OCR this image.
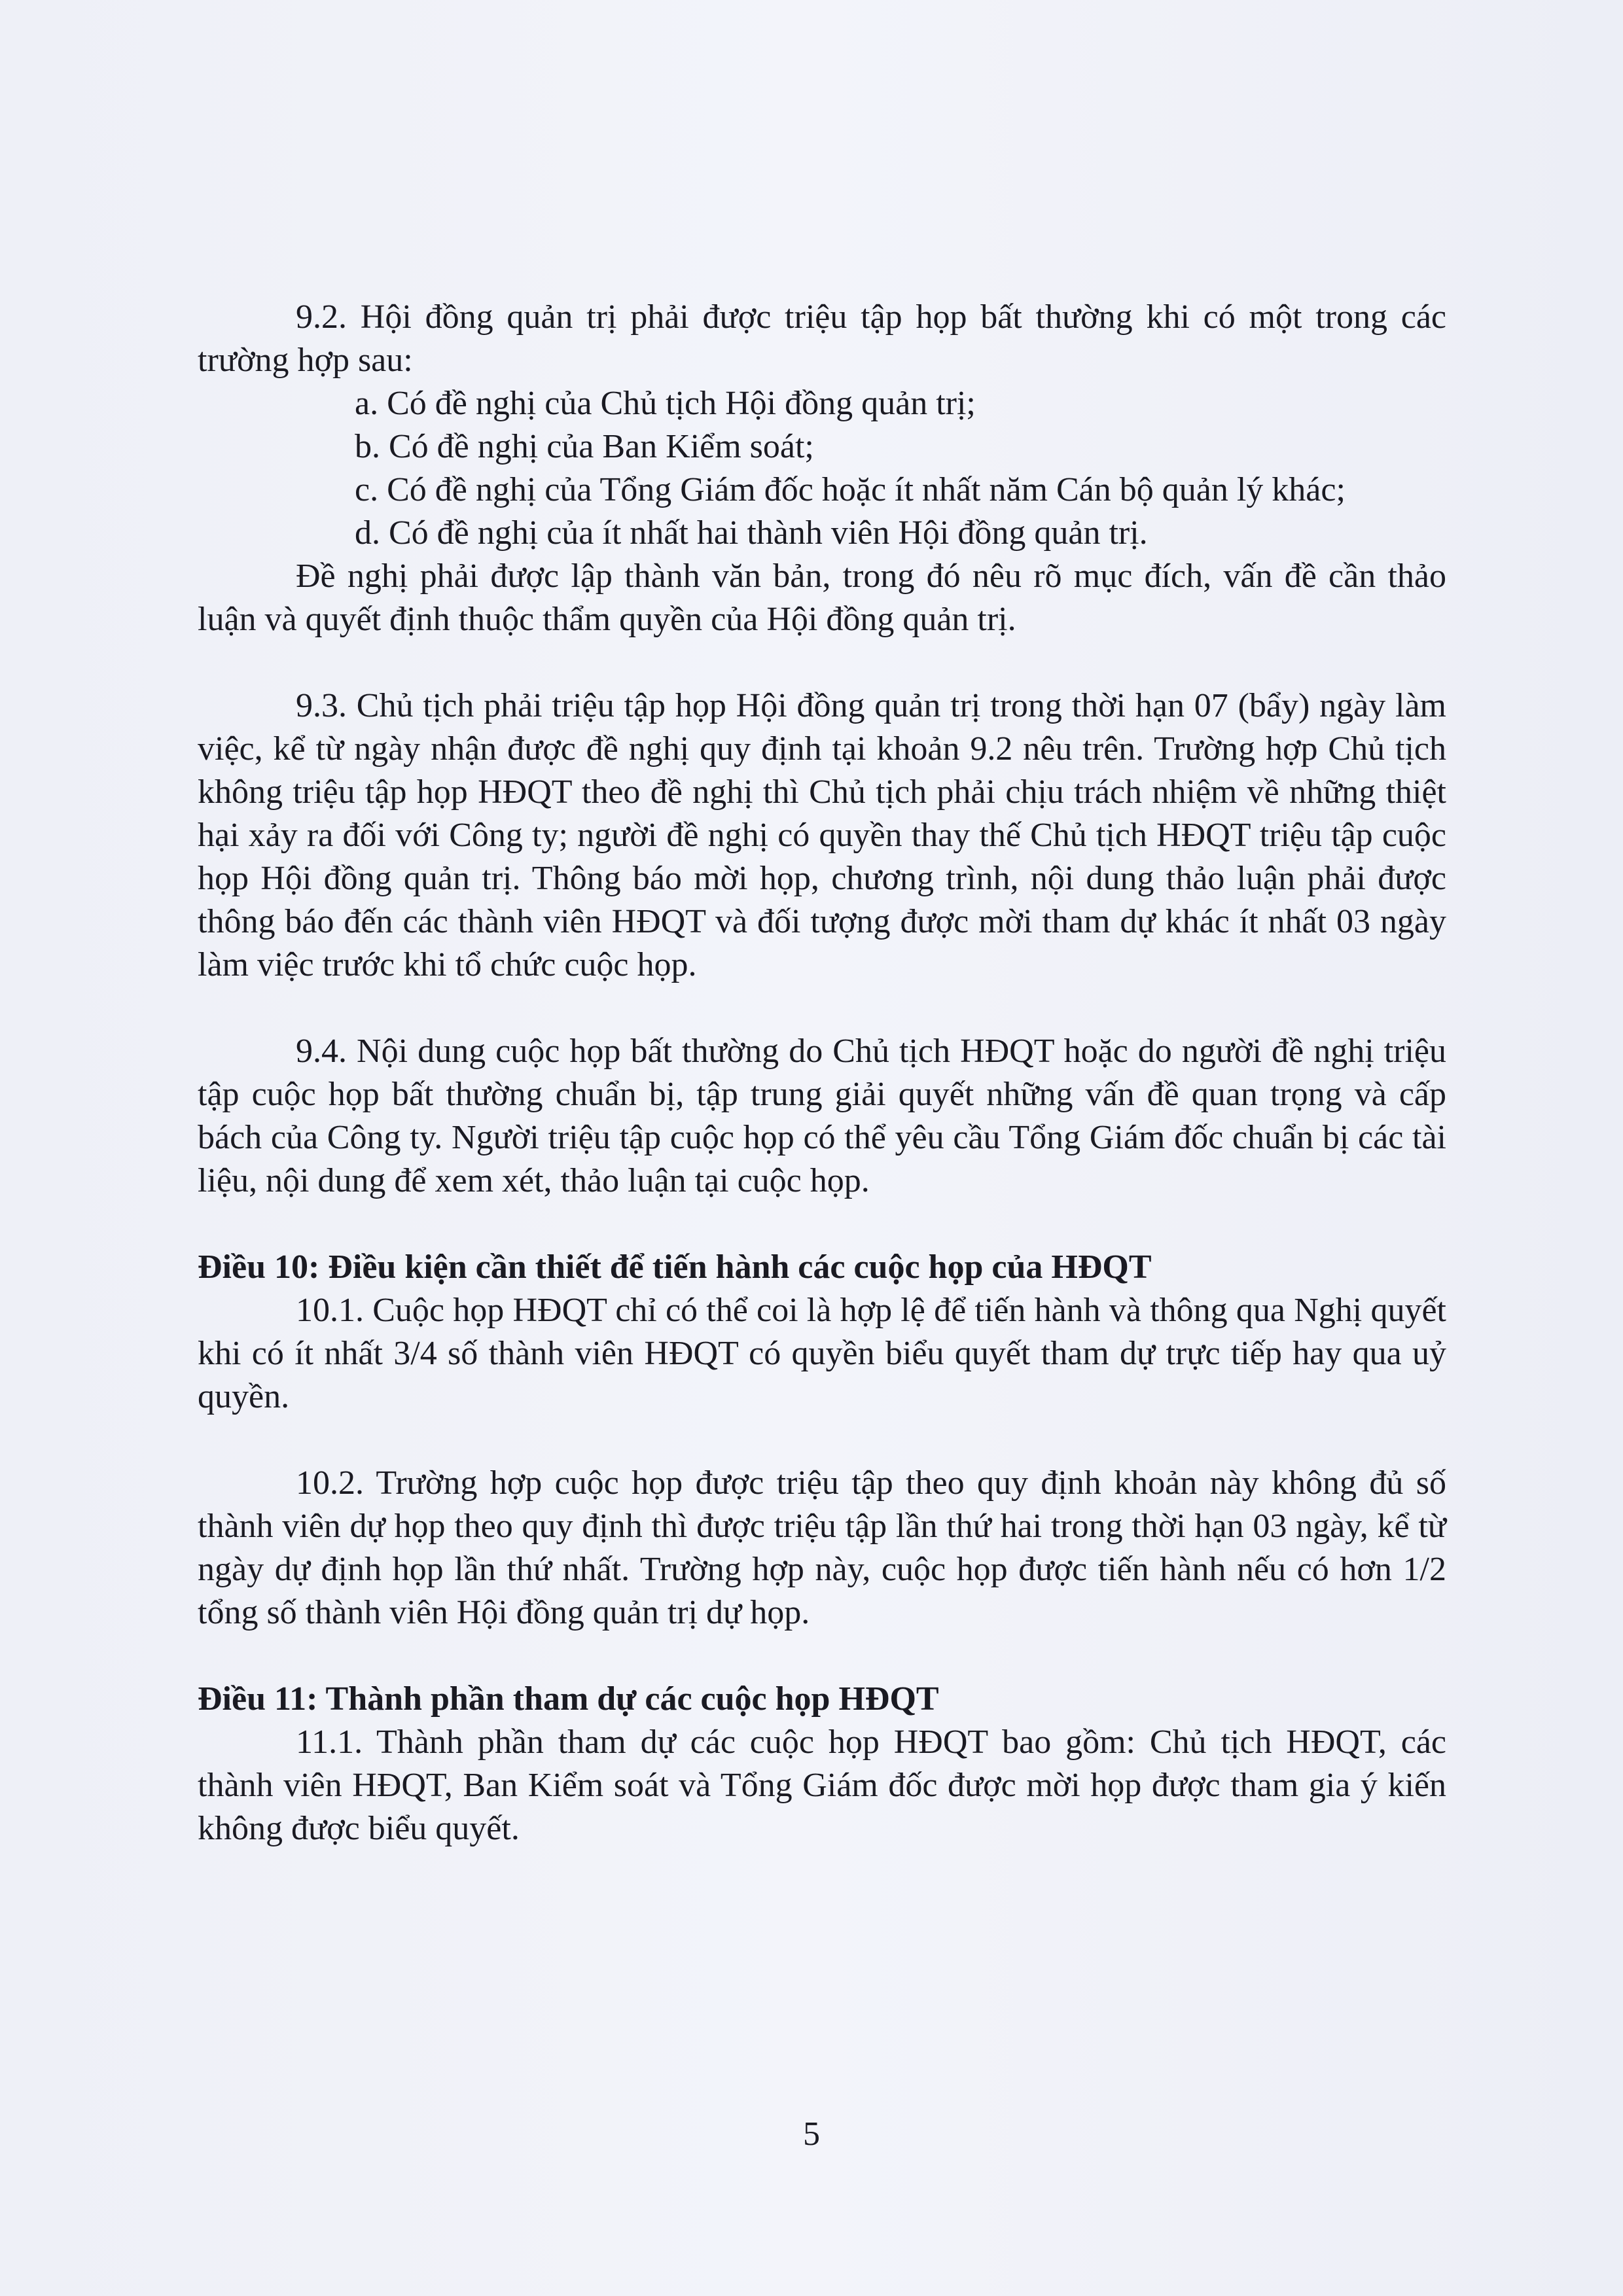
9.2. Hội đồng quản trị phải được triệu tập họp bất thường khi có một trong các trường hợp sau:

a. Có đề nghị của Chủ tịch Hội đồng quản trị;

b. Có đề nghị của Ban Kiểm soát;

c. Có đề nghị của Tổng Giám đốc hoặc ít nhất năm Cán bộ quản lý khác;

d. Có đề nghị của ít nhất hai thành viên Hội đồng quản trị.

Đề nghị phải được lập thành văn bản, trong đó nêu rõ mục đích, vấn đề cần thảo luận và quyết định thuộc thẩm quyền của Hội đồng quản trị.

9.3. Chủ tịch phải triệu tập họp Hội đồng quản trị trong thời hạn 07 (bẩy) ngày làm việc, kể từ ngày nhận được đề nghị quy định tại khoản 9.2 nêu trên. Trường hợp Chủ tịch không triệu tập họp HĐQT theo đề nghị thì Chủ tịch phải chịu trách nhiệm về những thiệt hại xảy ra đối với Công ty; người đề nghị có quyền thay thế Chủ tịch HĐQT triệu tập cuộc họp Hội đồng quản trị. Thông báo mời họp, chương trình, nội dung thảo luận phải được thông báo đến các thành viên HĐQT và đối tượng được mời tham dự khác ít nhất 03 ngày làm việc trước khi tổ chức cuộc họp.

9.4. Nội dung cuộc họp bất thường do Chủ tịch HĐQT hoặc do người đề nghị triệu tập cuộc họp bất thường chuẩn bị, tập trung giải quyết những vấn đề quan trọng và cấp bách của Công ty. Người triệu tập cuộc họp có thể yêu cầu Tổng Giám đốc chuẩn bị các tài liệu, nội dung để xem xét, thảo luận tại cuộc họp.

Điều 10: Điều kiện cần thiết để tiến hành các cuộc họp của HĐQT

10.1. Cuộc họp HĐQT chỉ có thể coi là hợp lệ để tiến hành và thông qua Nghị quyết khi có ít nhất 3/4 số thành viên HĐQT có quyền biểu quyết tham dự trực tiếp hay qua uỷ quyền.

10.2. Trường hợp cuộc họp được triệu tập theo quy định khoản này không đủ số thành viên dự họp theo quy định thì được triệu tập lần thứ hai trong thời hạn 03 ngày, kể từ ngày dự định họp lần thứ nhất. Trường hợp này, cuộc họp được tiến hành nếu có hơn 1/2 tổng số thành viên Hội đồng quản trị dự họp.

Điều 11: Thành phần tham dự các cuộc họp HĐQT

11.1. Thành phần tham dự các cuộc họp HĐQT bao gồm: Chủ tịch HĐQT, các thành viên HĐQT, Ban Kiểm soát và Tổng Giám đốc được mời họp được tham gia ý kiến không được biểu quyết.

5
